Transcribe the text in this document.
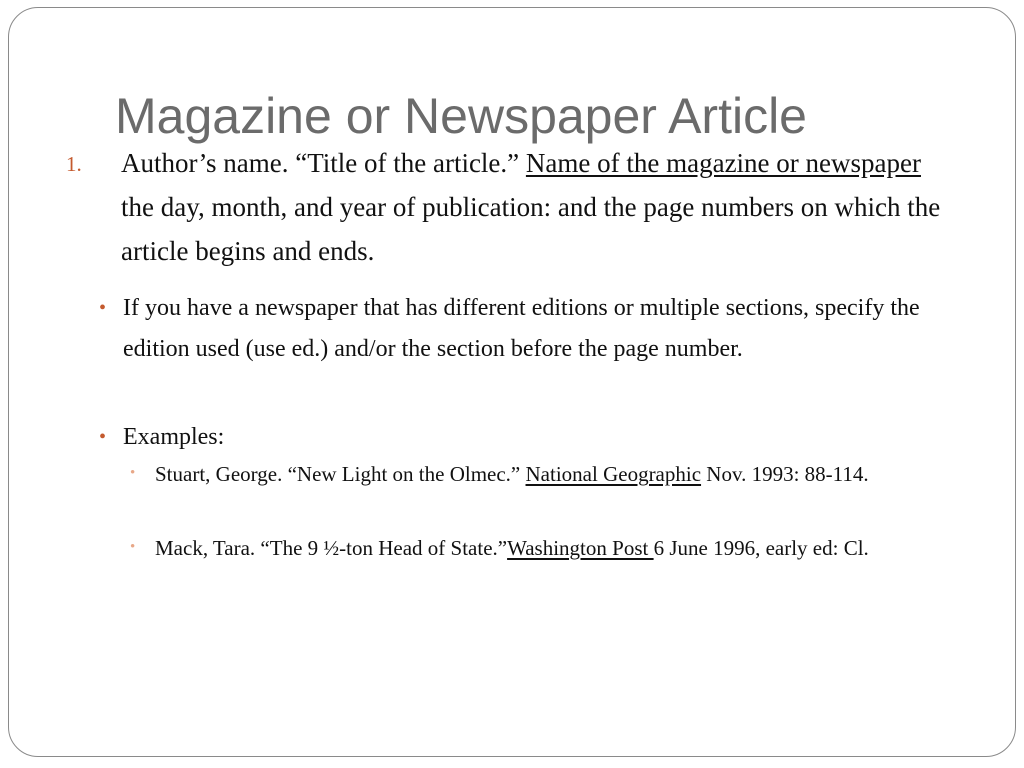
Magazine or Newspaper Article
1. Author’s name. “Title of the article.” Name of the magazine or newspaper the day, month, and year of publication: and the page numbers on which the article begins and ends.
• If you have a newspaper that has different editions or multiple sections, specify the edition used (use ed.) and/or the section before the page number.
• Examples:
• Stuart, George. “New Light on the Olmec.” National Geographic Nov. 1993: 88-114.
• Mack, Tara. “The 9 ½-ton Head of State.”Washington Post 6 June 1996, early ed: Cl.
